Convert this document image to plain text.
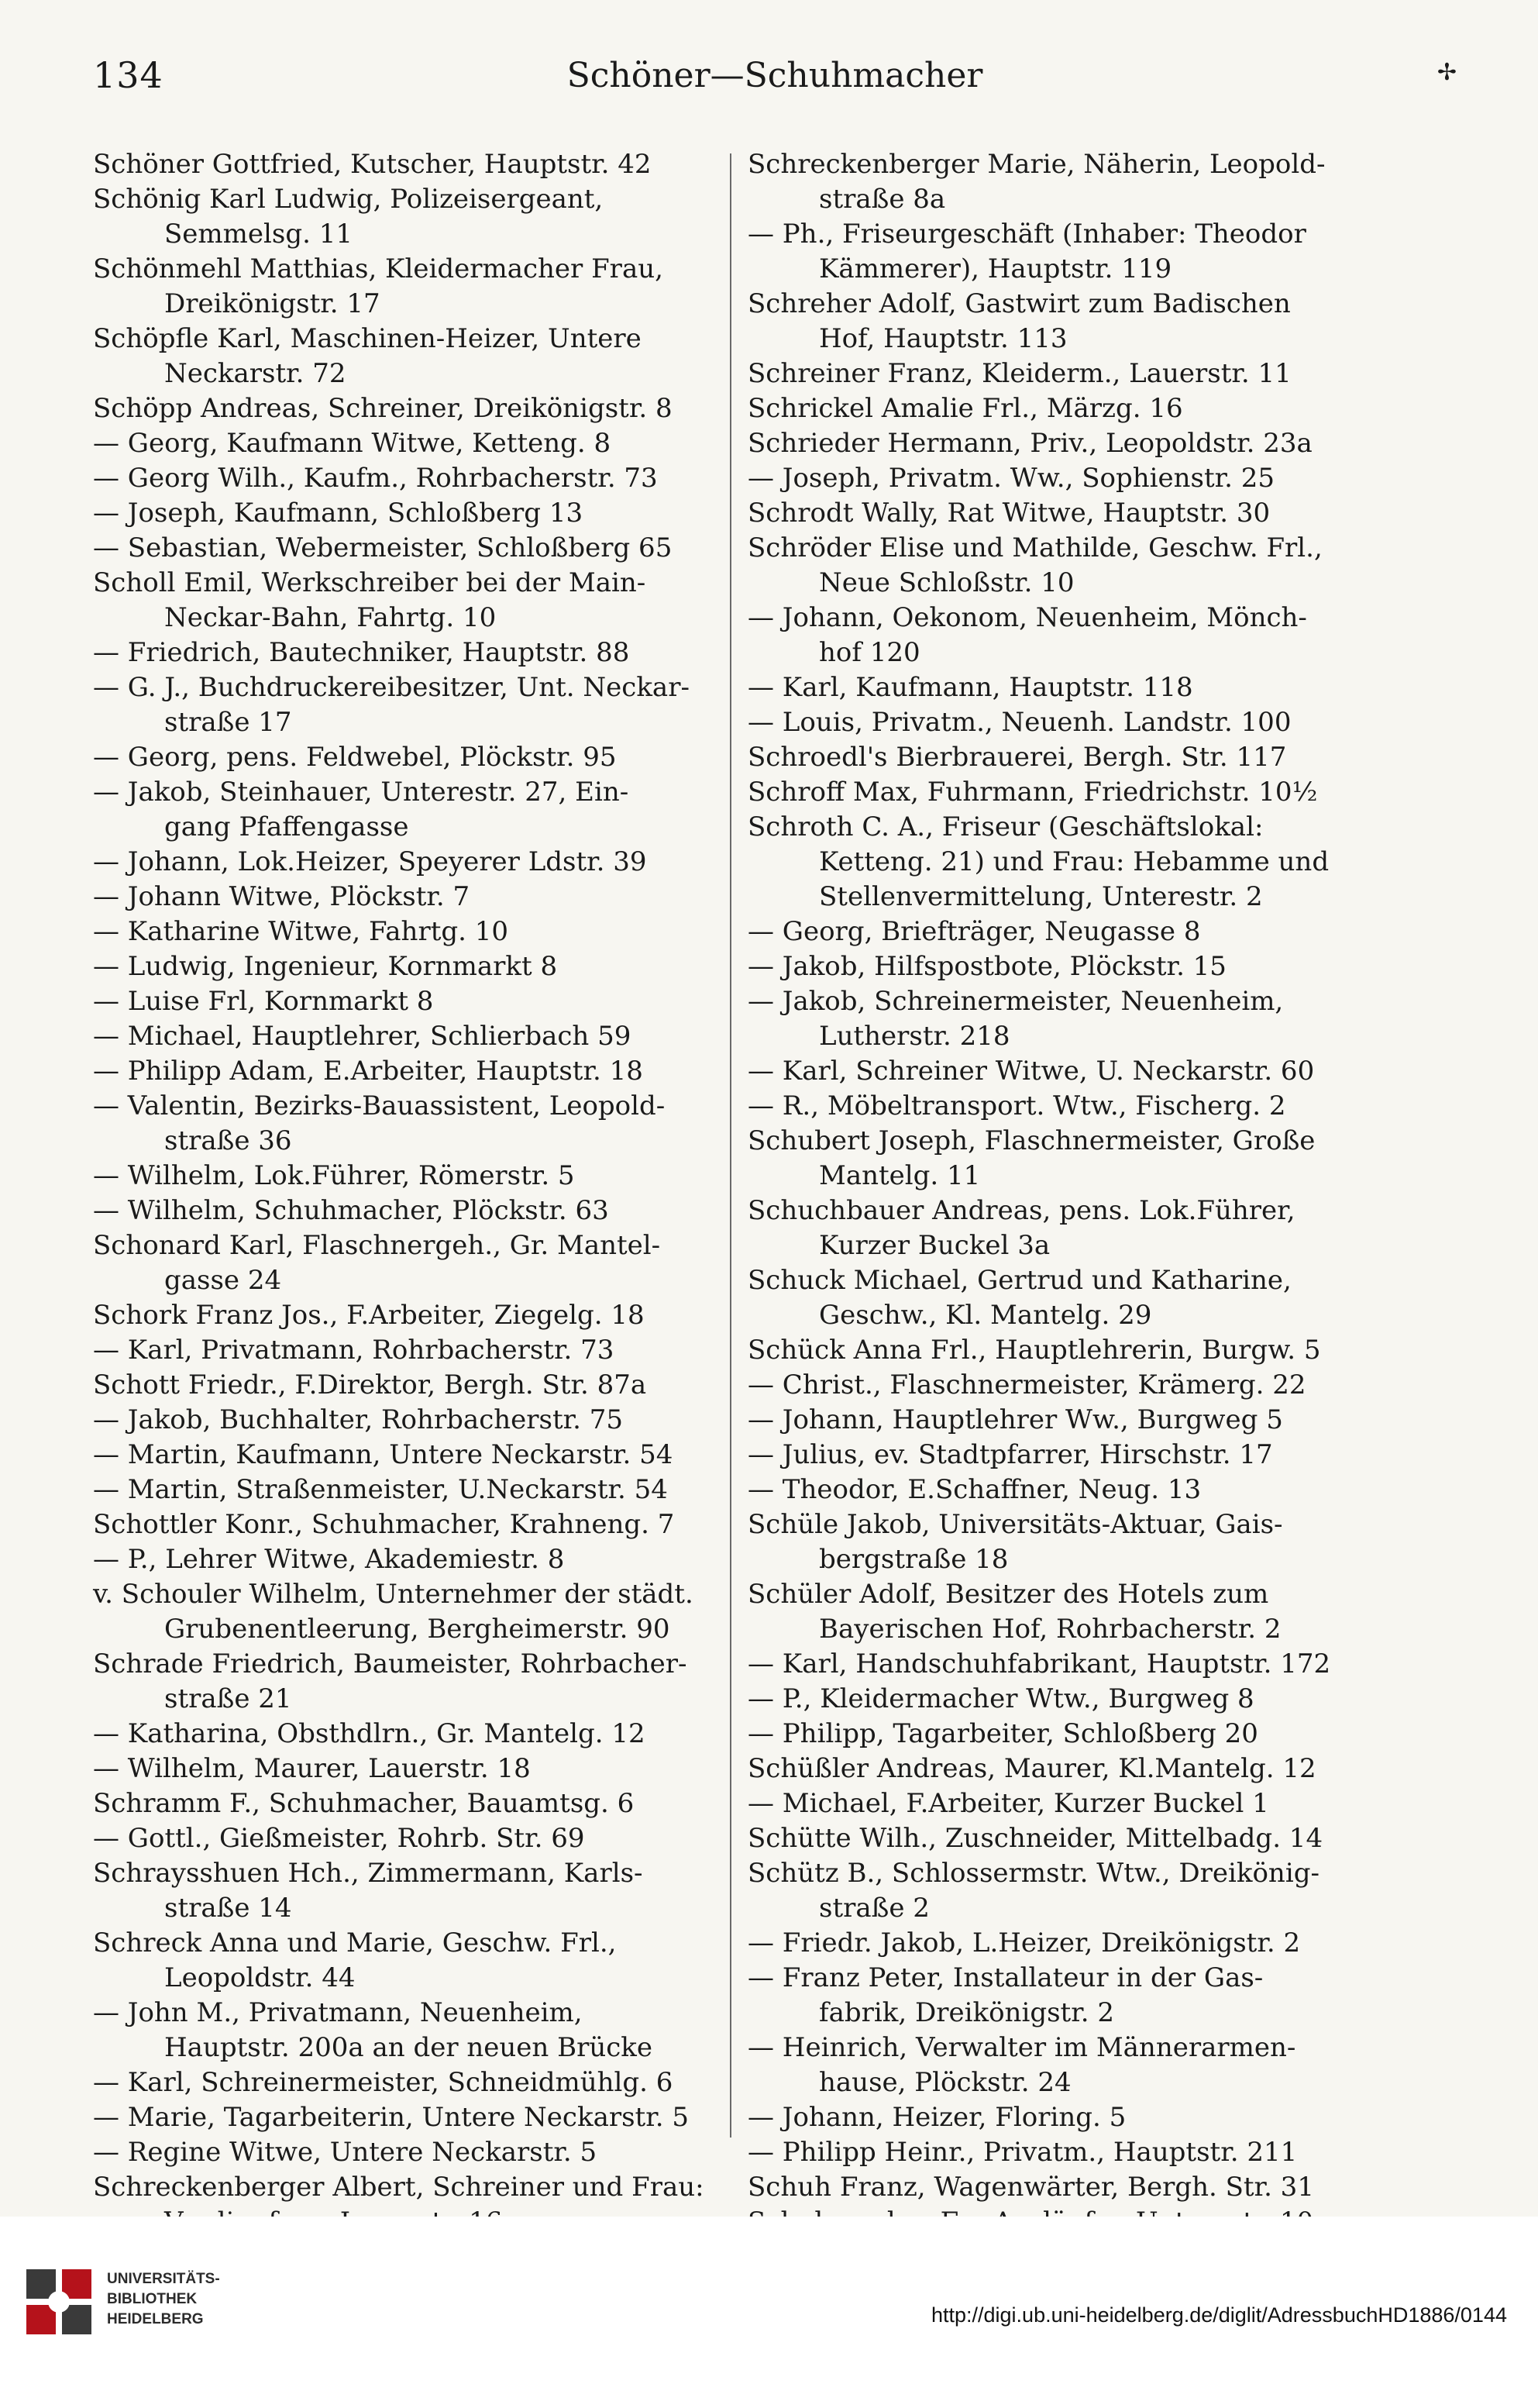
134	Schöner—Schuhmacher	✢
Schöner Gottfried, Kutscher, Hauptstr. 42
Schönig Karl Ludwig, Polizeisergeant,
Semmelsg. 11
Schönmehl Matthias, Kleidermacher Frau,
Dreikönigstr. 17
Schöpfle Karl, Maschinen-Heizer, Untere
Neckarstr. 72
Schöpp Andreas, Schreiner, Dreikönigstr. 8
— Georg, Kaufmann Witwe, Ketteng. 8
— Georg Wilh., Kaufm., Rohrbacherstr. 73
— Joseph, Kaufmann, Schloßberg 13
— Sebastian, Webermeister, Schloßberg 65
Scholl Emil, Werkschreiber bei der Main-
Neckar-Bahn, Fahrtg. 10
— Friedrich, Bautechniker, Hauptstr. 88
— G. J., Buchdruckereibesitzer, Unt. Neckar-
straße 17
— Georg, pens. Feldwebel, Plöckstr. 95
— Jakob, Steinhauer, Unterestr. 27, Ein-
gang Pfaffengasse
— Johann, Lok.Heizer, Speyerer Ldstr. 39
— Johann Witwe, Plöckstr. 7
— Katharine Witwe, Fahrtg. 10
— Ludwig, Ingenieur, Kornmarkt 8
— Luise Frl, Kornmarkt 8
— Michael, Hauptlehrer, Schlierbach 59
— Philipp Adam, E.Arbeiter, Hauptstr. 18
— Valentin, Bezirks-Bauassistent, Leopold-
straße 36
— Wilhelm, Lok.Führer, Römerstr. 5
— Wilhelm, Schuhmacher, Plöckstr. 63
Schonard Karl, Flaschnergeh., Gr. Mantel-
gasse 24
Schork Franz Jos., F.Arbeiter, Ziegelg. 18
— Karl, Privatmann, Rohrbacherstr. 73
Schott Friedr., F.Direktor, Bergh. Str. 87a
— Jakob, Buchhalter, Rohrbacherstr. 75
— Martin, Kaufmann, Untere Neckarstr. 54
— Martin, Straßenmeister, U.Neckarstr. 54
Schottler Konr., Schuhmacher, Krahneng. 7
— P., Lehrer Witwe, Akademiestr. 8
v. Schouler Wilhelm, Unternehmer der städt.
Grubenentleerung, Bergheimerstr. 90
Schrade Friedrich, Baumeister, Rohrbacher-
straße 21
— Katharina, Obsthdlrn., Gr. Mantelg. 12
— Wilhelm, Maurer, Lauerstr. 18
Schramm F., Schuhmacher, Bauamtsg. 6
— Gottl., Gießmeister, Rohrb. Str. 69
Schraysshuen Hch., Zimmermann, Karls-
straße 14
Schreck Anna und Marie, Geschw. Frl.,
Leopoldstr. 44
— John M., Privatmann, Neuenheim,
Hauptstr. 200a an der neuen Brücke
— Karl, Schreinermeister, Schneidmühlg. 6
— Marie, Tagarbeiterin, Untere Neckarstr. 5
— Regine Witwe, Untere Neckarstr. 5
Schreckenberger Albert, Schreiner und Frau:
Schreckenberger Marie, Näherin, Leopold-
straße 8a
— Ph., Friseurgeschäft (Inhaber: Theodor
Kämmerer), Hauptstr. 119
Schreher Adolf, Gastwirt zum Badischen
Hof, Hauptstr. 113
Schreiner Franz, Kleiderm., Lauerstr. 11
Schrickel Amalie Frl., Märzg. 16
Schrieder Hermann, Priv., Leopoldstr. 23a
— Joseph, Privatm. Ww., Sophienstr. 25
Schrodt Wally, Rat Witwe, Hauptstr. 30
Schröder Elise und Mathilde, Geschw. Frl.,
Neue Schloßstr. 10
— Johann, Oekonom, Neuenheim, Mönch-
hof 120
— Karl, Kaufmann, Hauptstr. 118
— Louis, Privatm., Neuenh. Landstr. 100
Schroedl's Bierbrauerei, Bergh. Str. 117
Schroff Max, Fuhrmann, Friedrichstr. 10½
Schroth C. A., Friseur (Geschäftslokal:
Ketteng. 21) und Frau: Hebamme und
Stellenvermittelung, Unterestr. 2
— Georg, Briefträger, Neugasse 8
— Jakob, Hilfspostbote, Plöckstr. 15
— Jakob, Schreinermeister, Neuenheim,
Lutherstr. 218
— Karl, Schreiner Witwe, U. Neckarstr. 60
— R., Möbeltransport. Wtw., Fischerg. 2
Schubert Joseph, Flaschnermeister, Große
Mantelg. 11
Schuchbauer Andreas, pens. Lok.Führer,
Kurzer Buckel 3a
Schuck Michael, Gertrud und Katharine,
Geschw., Kl. Mantelg. 29
Schück Anna Frl., Hauptlehrerin, Burgw. 5
— Christ., Flaschnermeister, Krämerg. 22
— Johann, Hauptlehrer Ww., Burgweg 5
— Julius, ev. Stadtpfarrer, Hirschstr. 17
— Theodor, E.Schaffner, Neug. 13
Schüle Jakob, Universitäts-Aktuar, Gais-
bergstraße 18
Schüler Adolf, Besitzer des Hotels zum
Bayerischen Hof, Rohrbacherstr. 2
— Karl, Handschuhfabrikant, Hauptstr. 172
— P., Kleidermacher Wtw., Burgweg 8
— Philipp, Tagarbeiter, Schloßberg 20
Schüßler Andreas, Maurer, Kl.Mantelg. 12
— Michael, F.Arbeiter, Kurzer Buckel 1
Schütte Wilh., Zuschneider, Mittelbadg. 14
Schütz B., Schlossermstr. Wtw., Dreikönig-
straße 2
— Friedr. Jakob, L.Heizer, Dreikönigstr. 2
— Franz Peter, Installateur in der Gas-
fabrik, Dreikönigstr. 2
— Heinrich, Verwalter im Männerarmen-
hause, Plöckstr. 24
— Johann, Heizer, Floring. 5
— Philipp Heinr., Privatm., Hauptstr. 211
Schuh Franz, Wagenwärter, Bergh. Str. 31
UNIVERSITÄTS-
BIBLIOTHEK
HEIDELBERG	http://digi.ub.uni-heidelberg.de/diglit/AdressbuchHD1886/0144
